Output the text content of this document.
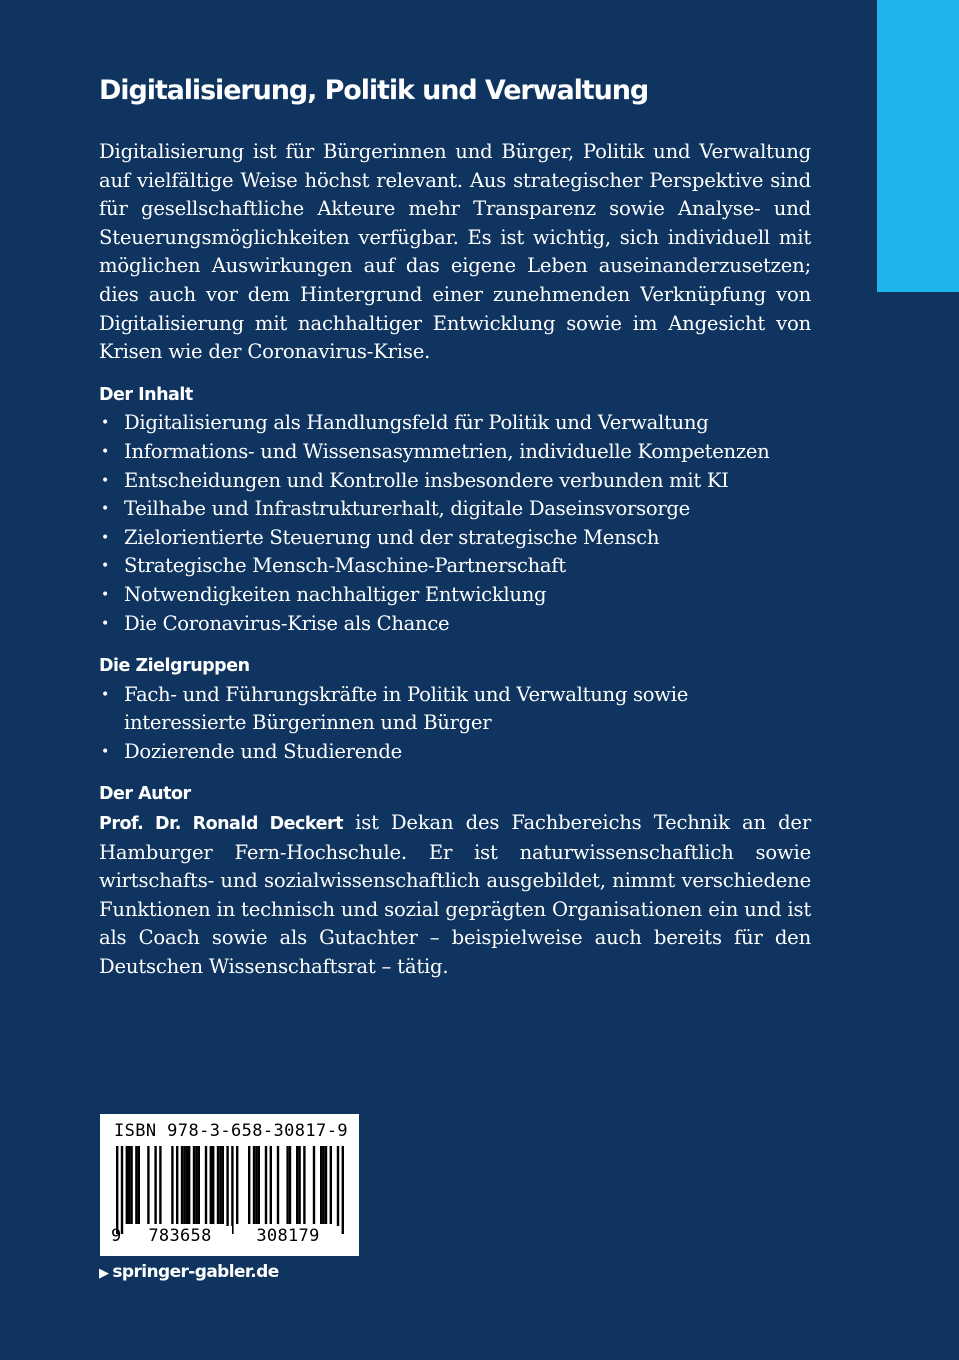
Digitalisierung, Politik und Verwaltung

Digitalisierung ist für Bürgerinnen und Bürger, Politik und Verwaltung auf vielfältige Weise höchst relevant. Aus strategischer Perspektive sind für gesellschaftliche Akteure mehr Transparenz sowie Analyse- und Steuerungsmöglichkeiten verfügbar. Es ist wichtig, sich individuell mit möglichen Auswirkungen auf das eigene Leben auseinanderzusetzen; dies auch vor dem Hintergrund einer zunehmenden Verknüpfung von Digitalisierung mit nachhaltiger Entwicklung sowie im Angesicht von Krisen wie der Coronavirus-Krise.

Der Inhalt
• Digitalisierung als Handlungsfeld für Politik und Verwaltung
• Informations- und Wissensasymmetrien, individuelle Kompetenzen
• Entscheidungen und Kontrolle insbesondere verbunden mit KI
• Teilhabe und Infrastrukturerhalt, digitale Daseinsvorsorge
• Zielorientierte Steuerung und der strategische Mensch
• Strategische Mensch-Maschine-Partnerschaft
• Notwendigkeiten nachhaltiger Entwicklung
• Die Coronavirus-Krise als Chance
Die Zielgruppen
• Fach- und Führungskräfte in Politik und Verwaltung sowie interessierte Bürgerinnen und Bürger
• Dozierende und Studierende
Der Autor

Prof. Dr. Ronald Deckert ist Dekan des Fachbereichs Technik an der Hamburger Fern-Hochschule. Er ist naturwissenschaftlich sowie wirtschafts- und sozialwissenschaftlich ausgebildet, nimmt verschiedene Funktionen in technisch und sozial geprägten Organisationen ein und ist als Coach sowie als Gutachter – beispielweise auch bereits für den Deutschen Wissenschaftsrat – tätig.

ISBN 978-3-658-30817-9
9	783658	308179
▶ springer-gabler.de
